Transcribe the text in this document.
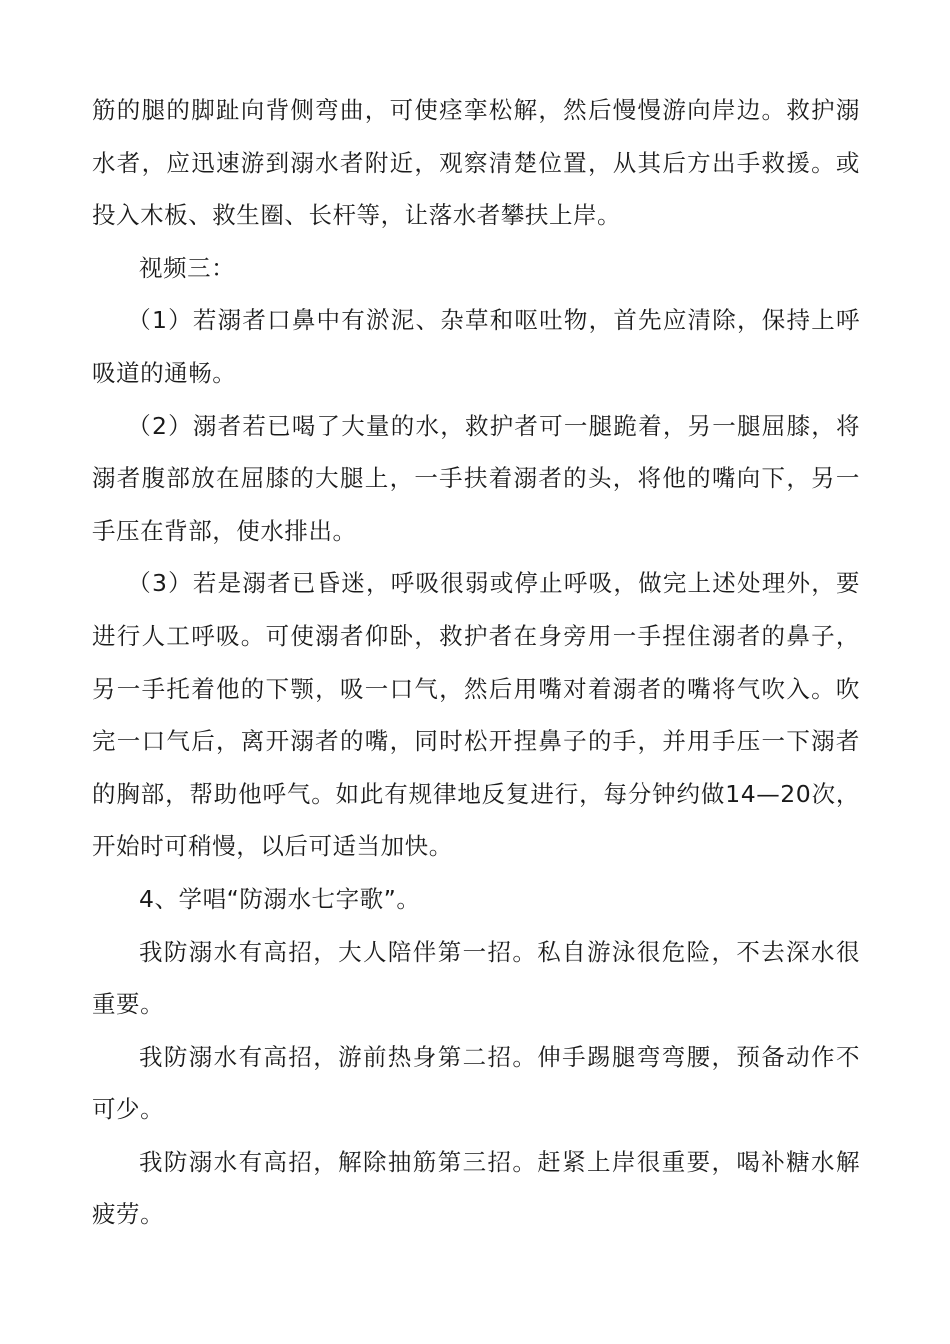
筋的腿的脚趾向背侧弯曲，可使痉挛松解，然后慢慢游向岸边。救护溺水者，应迅速游到溺水者附近，观察清楚位置，从其后方出手救援。或投入木板、救生圈、长杆等，让落水者攀扶上岸。

视频三：

（1）若溺者口鼻中有淤泥、杂草和呕吐物，首先应清除，保持上呼吸道的通畅。

（2）溺者若已喝了大量的水，救护者可一腿跪着，另一腿屈膝，将溺者腹部放在屈膝的大腿上，一手扶着溺者的头，将他的嘴向下，另一手压在背部，使水排出。

（3）若是溺者已昏迷，呼吸很弱或停止呼吸，做完上述处理外，要进行人工呼吸。可使溺者仰卧，救护者在身旁用一手捏住溺者的鼻子，另一手托着他的下颚，吸一口气，然后用嘴对着溺者的嘴将气吹入。吹完一口气后，离开溺者的嘴，同时松开捏鼻子的手，并用手压一下溺者的胸部，帮助他呼气。如此有规律地反复进行，每分钟约做14—20次，开始时可稍慢，以后可适当加快。

4、学唱“防溺水七字歌”。

我防溺水有高招，大人陪伴第一招。私自游泳很危险，不去深水很重要。

我防溺水有高招，游前热身第二招。伸手踢腿弯弯腰，预备动作不可少。

我防溺水有高招，解除抽筋第三招。赶紧上岸很重要，喝补糖水解疲劳。
